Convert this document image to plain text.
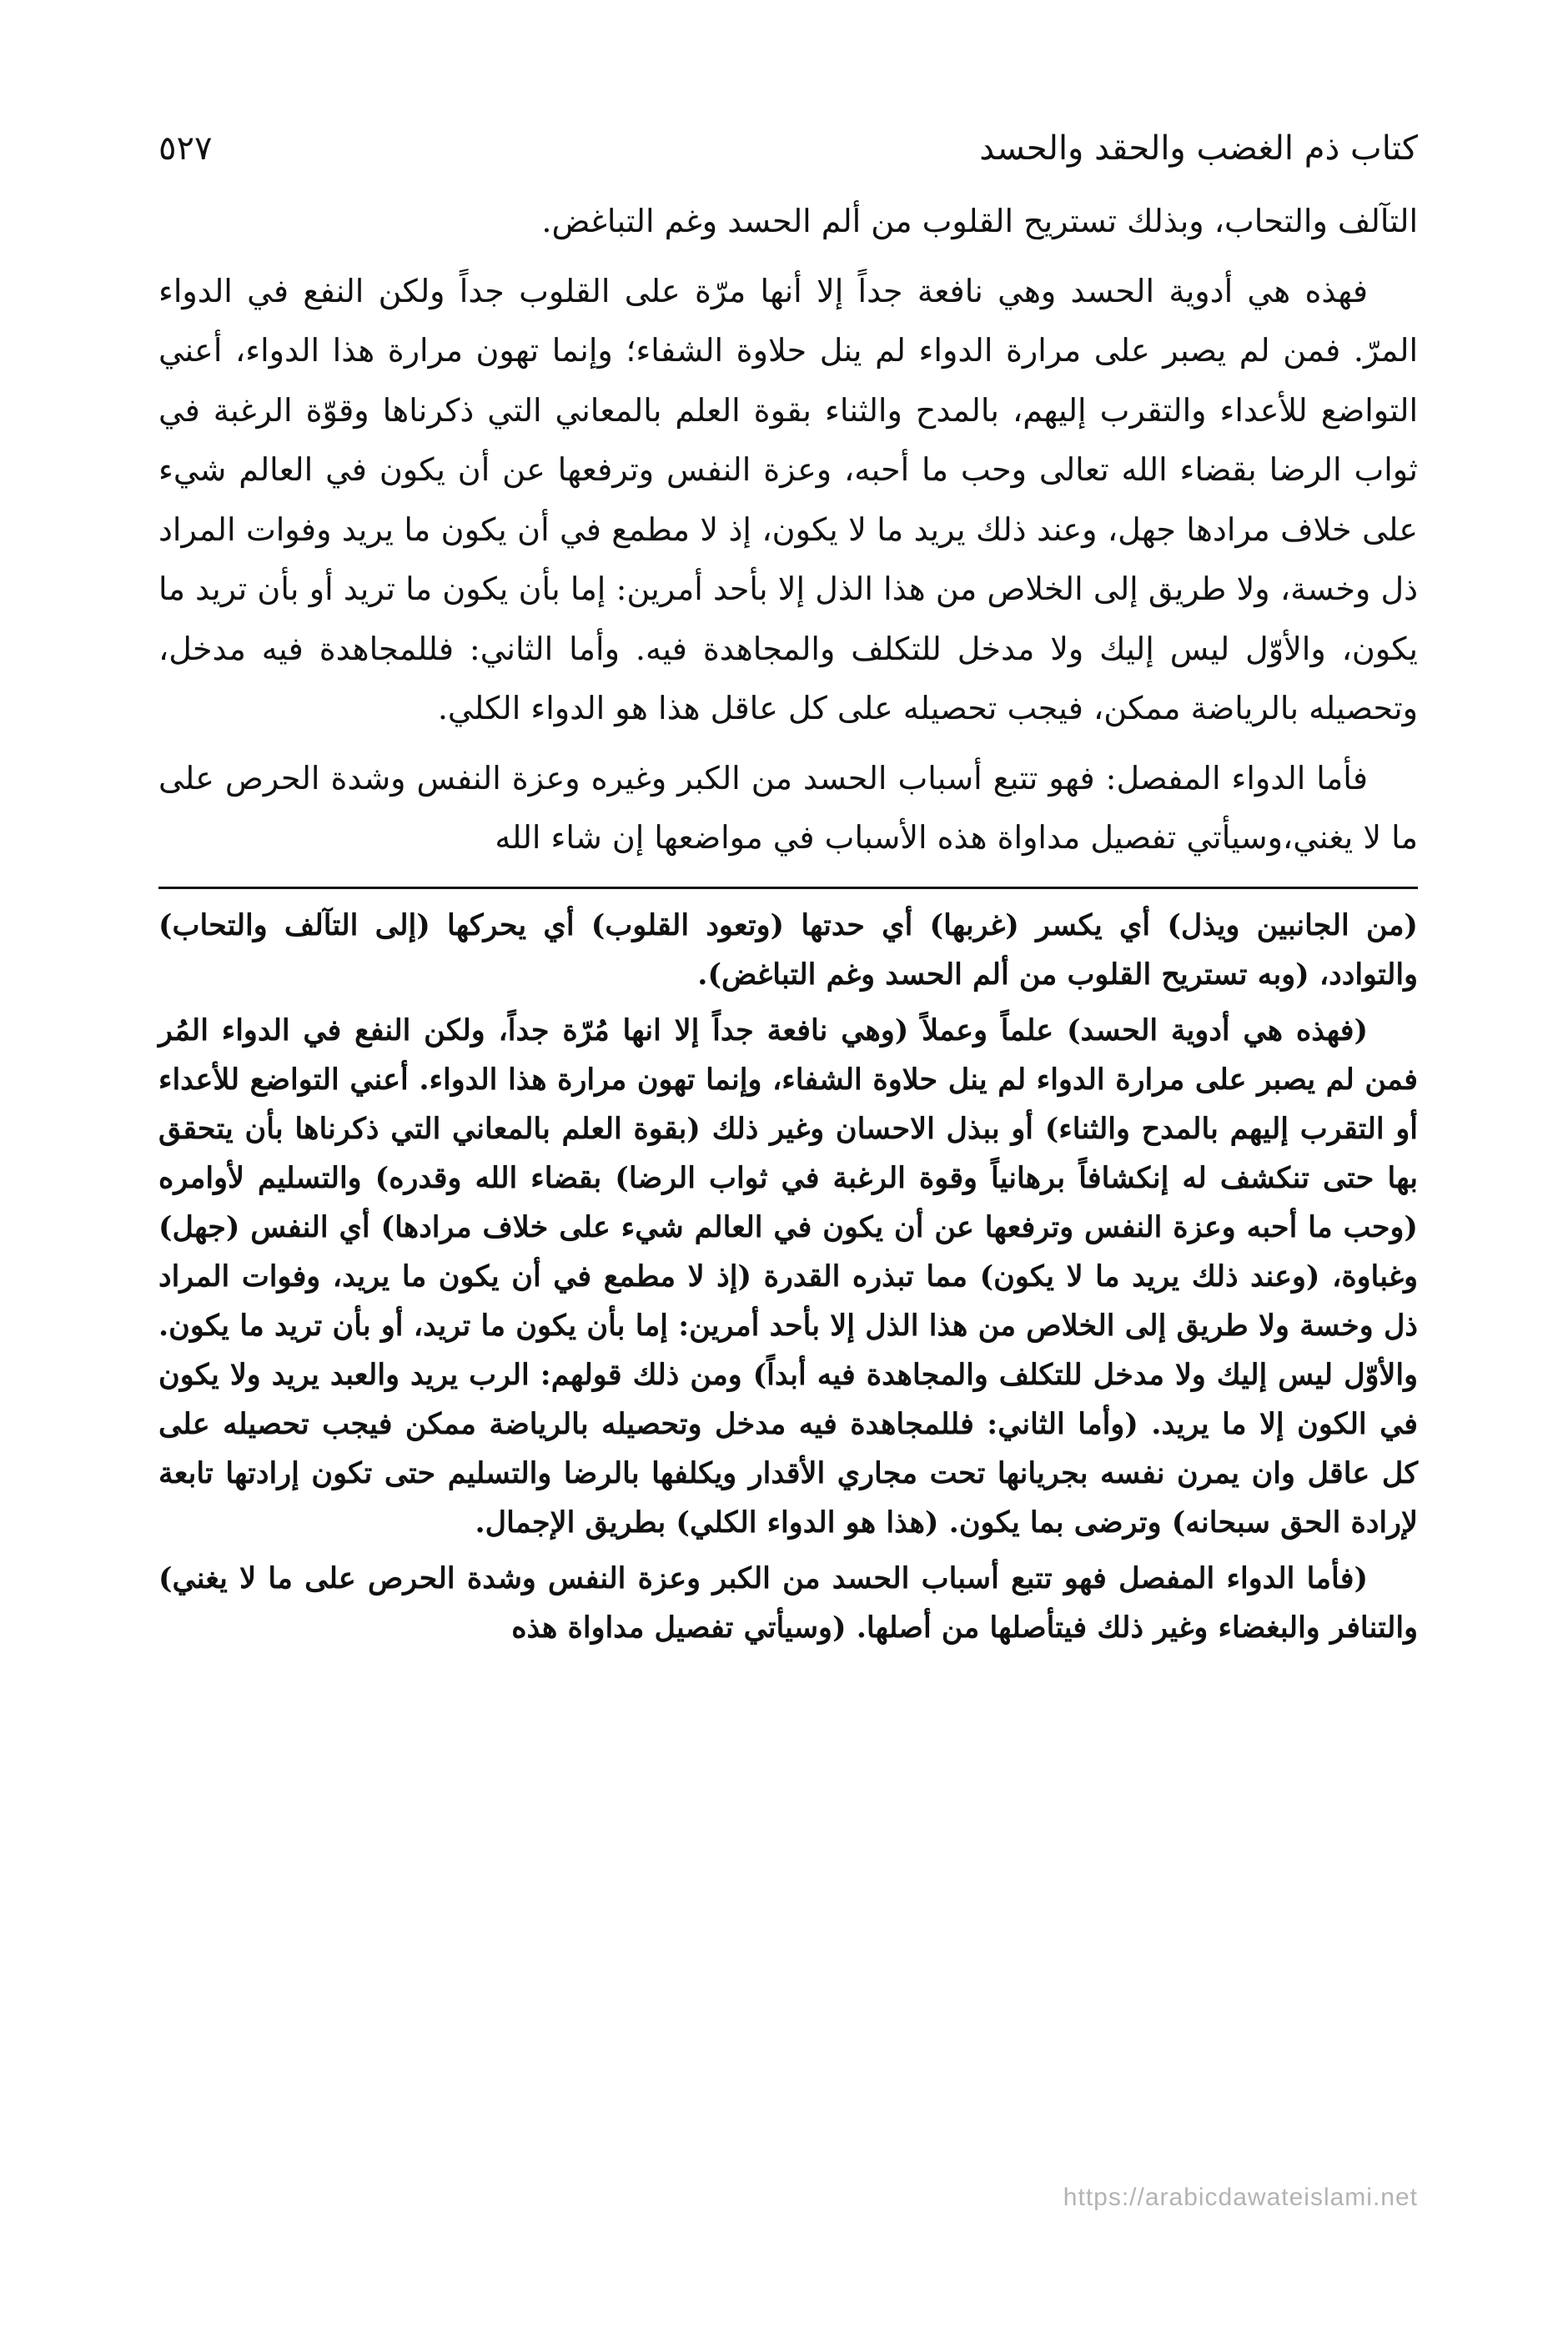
كتاب ذم الغضب والحقد والحسد
٥٢٧

التآلف والتحاب، وبذلك تستريح القلوب من ألم الحسد وغم التباغض.

فهذه هي أدوية الحسد وهي نافعة جداً إلا أنها مرّة على القلوب جداً ولكن النفع في الدواء المرّ. فمن لم يصبر على مرارة الدواء لم ينل حلاوة الشفاء؛ وإنما تهون مرارة هذا الدواء، أعني التواضع للأعداء والتقرب إليهم، بالمدح والثناء بقوة العلم بالمعاني التي ذكرناها وقوّة الرغبة في ثواب الرضا بقضاء الله تعالى وحب ما أحبه، وعزة النفس وترفعها عن أن يكون في العالم شيء على خلاف مرادها جهل، وعند ذلك يريد ما لا يكون، إذ لا مطمع في أن يكون ما يريد وفوات المراد ذل وخسة، ولا طريق إلى الخلاص من هذا الذل إلا بأحد أمرين: إما بأن يكون ما تريد أو بأن تريد ما يكون، والأوّل ليس إليك ولا مدخل للتكلف والمجاهدة فيه. وأما الثاني: فللمجاهدة فيه مدخل، وتحصيله بالرياضة ممكن، فيجب تحصيله على كل عاقل هذا هو الدواء الكلي.

فأما الدواء المفصل: فهو تتبع أسباب الحسد من الكبر وغيره وعزة النفس وشدة الحرص على ما لا يغني،وسيأتي تفصيل مداواة هذه الأسباب في مواضعها إن شاء الله

(من الجانبين ويذل) أي يكسر (غربها) أي حدتها (وتعود القلوب) أي يحركها (إلى التآلف والتحاب) والتوادد، (وبه تستريح القلوب من ألم الحسد وغم التباغض).

(فهذه هي أدوية الحسد) علماً وعملاً (وهي نافعة جداً إلا انها مُرّة جداً، ولكن النفع في الدواء المُر فمن لم يصبر على مرارة الدواء لم ينل حلاوة الشفاء، وإنما تهون مرارة هذا الدواء. أعني التواضع للأعداء أو التقرب إليهم بالمدح والثناء) أو ببذل الاحسان وغير ذلك (بقوة العلم بالمعاني التي ذكرناها بأن يتحقق بها حتى تنكشف له إنكشافاً برهانياً وقوة الرغبة في ثواب الرضا) بقضاء الله وقدره) والتسليم لأوامره (وحب ما أحبه وعزة النفس وترفعها عن أن يكون في العالم شيء على خلاف مرادها) أي النفس (جهل) وغباوة، (وعند ذلك يريد ما لا يكون) مما تبذره القدرة (إذ لا مطمع في أن يكون ما يريد، وفوات المراد ذل وخسة ولا طريق إلى الخلاص من هذا الذل إلا بأحد أمرين: إما بأن يكون ما تريد، أو بأن تريد ما يكون. والأوّل ليس إليك ولا مدخل للتكلف والمجاهدة فيه أبداً) ومن ذلك قولهم: الرب يريد والعبد يريد ولا يكون في الكون إلا ما يريد. (وأما الثاني: فللمجاهدة فيه مدخل وتحصيله بالرياضة ممكن فيجب تحصيله على كل عاقل وان يمرن نفسه بجريانها تحت مجاري الأقدار ويكلفها بالرضا والتسليم حتى تكون إرادتها تابعة لإرادة الحق سبحانه) وترضى بما يكون. (هذا هو الدواء الكلي) بطريق الإجمال.

(فأما الدواء المفصل فهو تتبع أسباب الحسد من الكبر وعزة النفس وشدة الحرص على ما لا يغني) والتنافر والبغضاء وغير ذلك فيتأصلها من أصلها. (وسيأتي تفصيل مداواة هذه

https://arabicdawateislami.net
